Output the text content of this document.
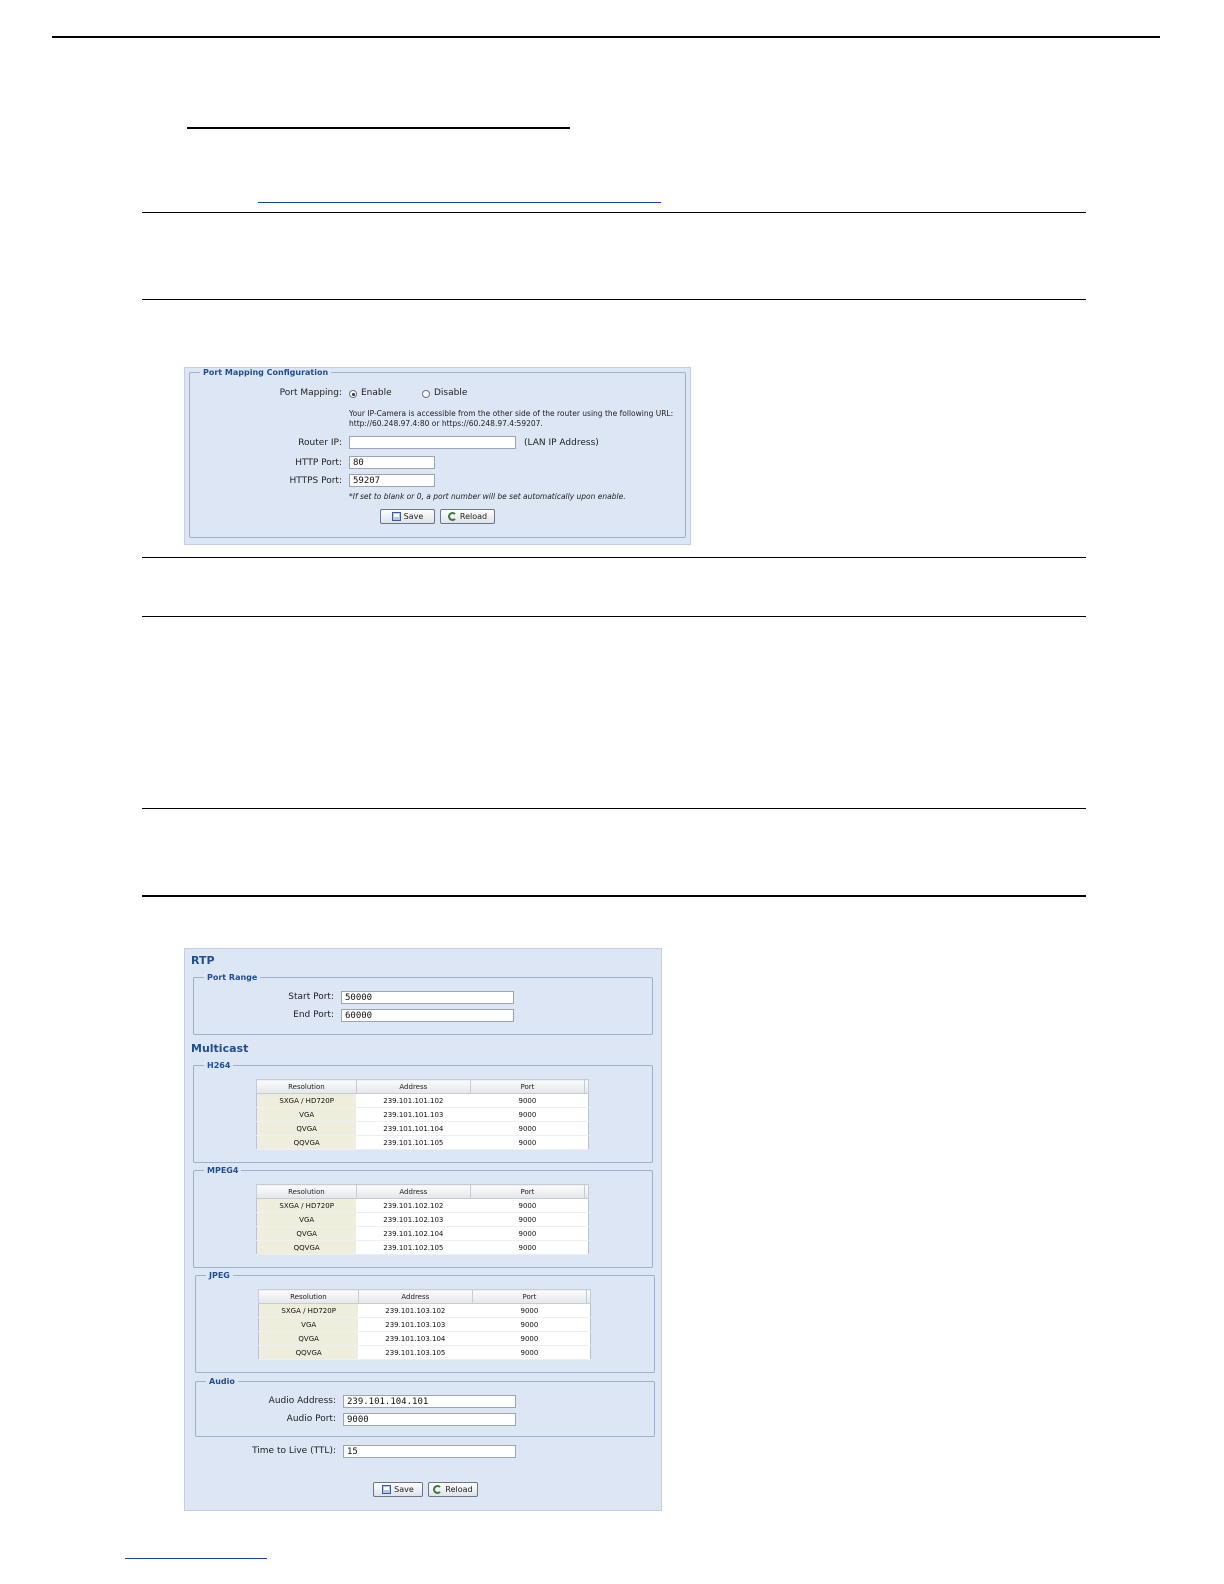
Port Mapping Configuration
Port Mapping: Enable	Disable
Your IP-Camera is accessible from the other side of the router using the following URL:
http://60.248.97.4:80 or https://60.248.97.4:59207.
Router IP:	(LAN IP Address)
HTTP Port:	80
HTTPS Port:	59207
*If set to blank or 0, a port number will be set automatically upon enable.
Save	Reload
RTP
Port Range
Start Port:	50000
End Port:	60000
Multicast
H264
Resolution	Address	Port	
SXGA / HD720P	239.101.101.102	9000	
VGA	239.101.101.103	9000	
QVGA	239.101.101.104	9000	
QQVGA	239.101.101.105	9000	
MPEG4
Resolution	Address	Port	
SXGA / HD720P	239.101.102.102	9000	
VGA	239.101.102.103	9000	
QVGA	239.101.102.104	9000	
QQVGA	239.101.102.105	9000	
JPEG
Resolution	Address	Port	
SXGA / HD720P	239.101.103.102	9000	
VGA	239.101.103.103	9000	
QVGA	239.101.103.104	9000	
QQVGA	239.101.103.105	9000	
Audio
Audio Address:	239.101.104.101
Audio Port:	9000
Time to Live (TTL):	15
Save	Reload
